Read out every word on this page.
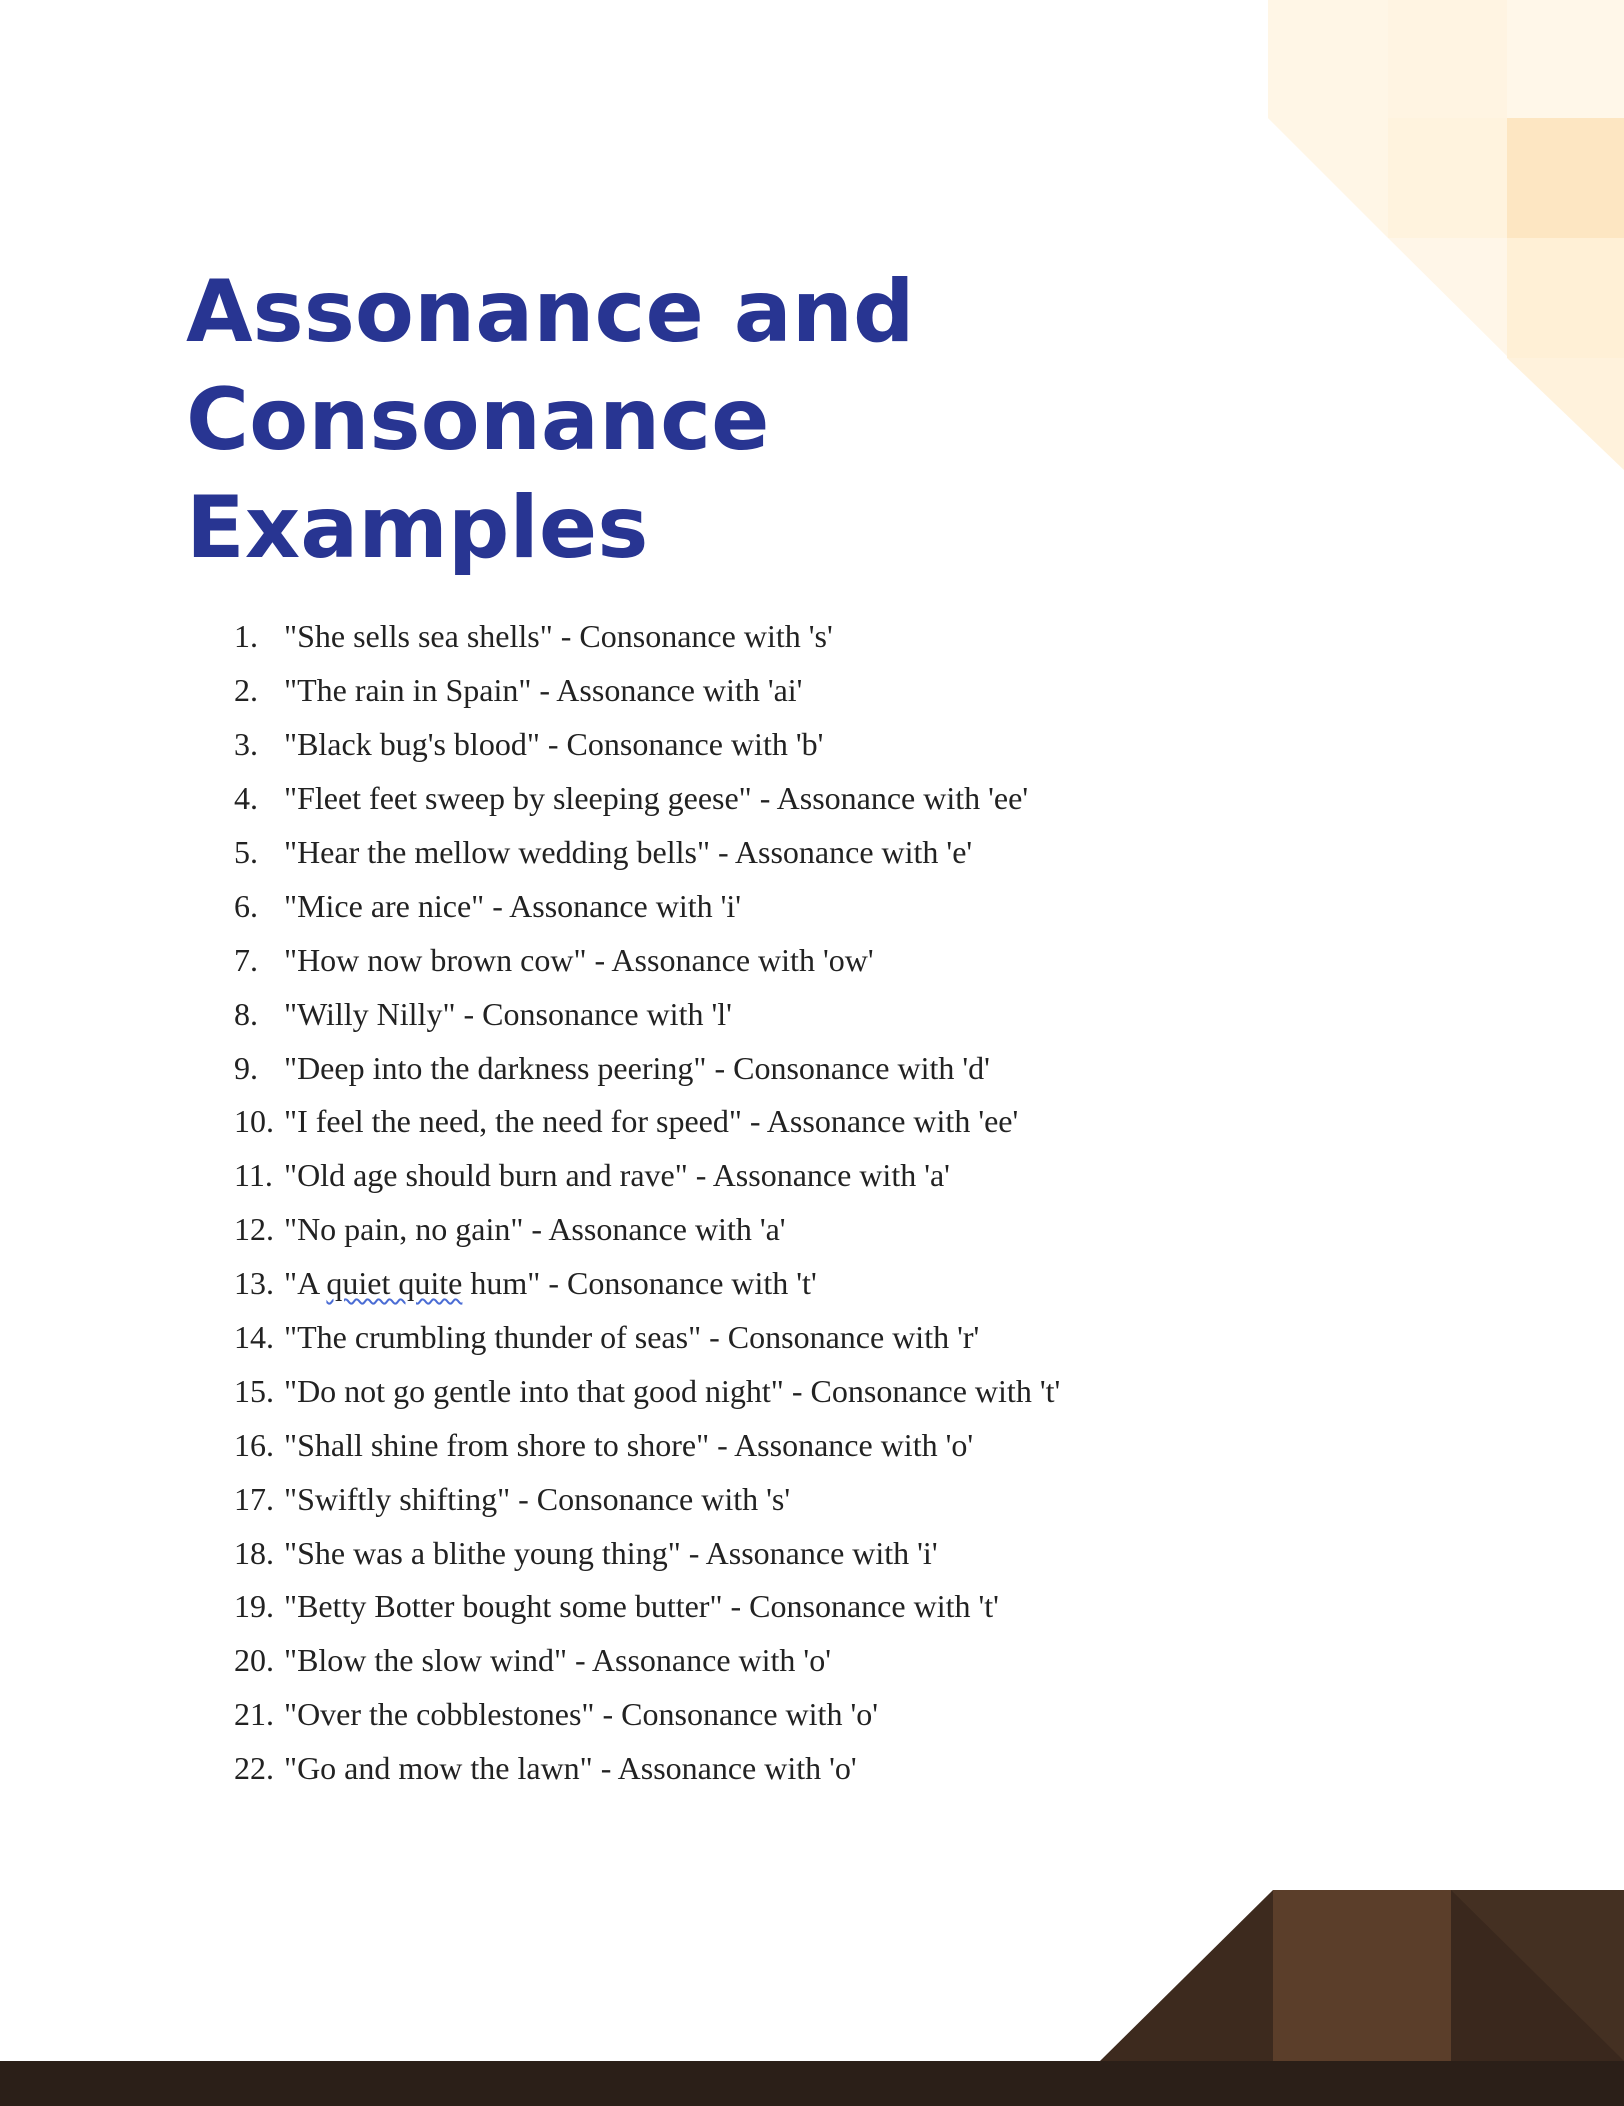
Assonance and
Consonance
Examples
1. "She sells sea shells" - Consonance with 's'
2. "The rain in Spain" - Assonance with 'ai'
3. "Black bug's blood" - Consonance with 'b'
4. "Fleet feet sweep by sleeping geese" - Assonance with 'ee'
5. "Hear the mellow wedding bells" - Assonance with 'e'
6. "Mice are nice" - Assonance with 'i'
7. "How now brown cow" - Assonance with 'ow'
8. "Willy Nilly" - Consonance with 'l'
9. "Deep into the darkness peering" - Consonance with 'd'
10. "I feel the need, the need for speed" - Assonance with 'ee'
11. "Old age should burn and rave" - Assonance with 'a'
12. "No pain, no gain" - Assonance with 'a'
13. "A quiet quite hum" - Consonance with 't'
14. "The crumbling thunder of seas" - Consonance with 'r'
15. "Do not go gentle into that good night" - Consonance with 't'
16. "Shall shine from shore to shore" - Assonance with 'o'
17. "Swiftly shifting" - Consonance with 's'
18. "She was a blithe young thing" - Assonance with 'i'
19. "Betty Botter bought some butter" - Consonance with 't'
20. "Blow the slow wind" - Assonance with 'o'
21. "Over the cobblestones" - Consonance with 'o'
22. "Go and mow the lawn" - Assonance with 'o'
